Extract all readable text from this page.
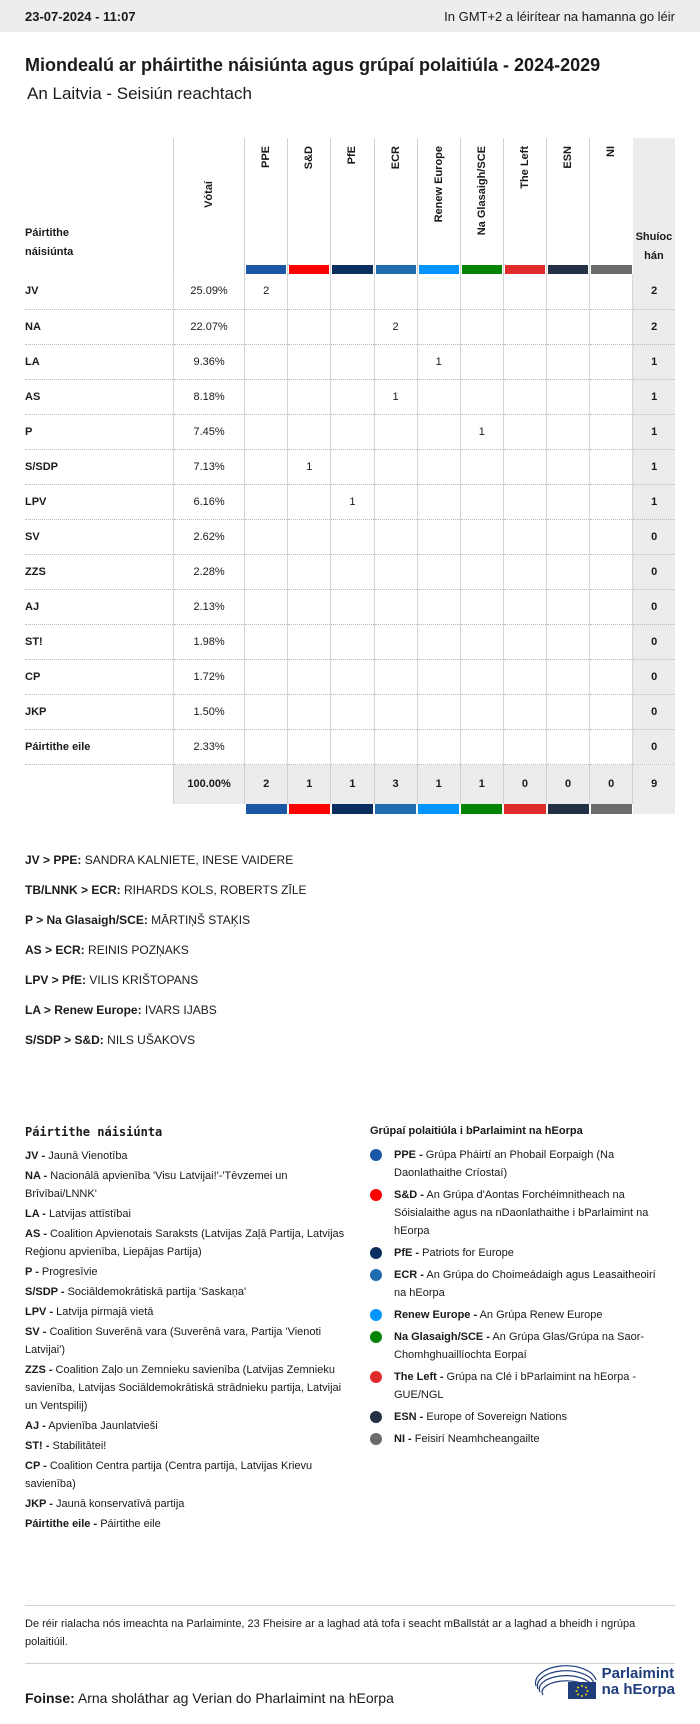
23-07-2024 - 11:07	In GMT+2 a léirítear na hamanna go léir
Miondealú ar pháirtithe náisiúnta agus grúpaí polaitiúla - 2024-2029
An Laitvia - Seisiún reachtach
Páirtithe
náisiúnta	Vótaí	PPE	S&D	PfE	ECR	Renew Europe	Na Glasaigh/SCE	The Left	ESN	NI	Shuíoc
hán
JV	25.09%	2									2
NA	22.07%				2						2
LA	9.36%					1					1
AS	8.18%				1						1
P	7.45%						1				1
S/SDP	7.13%		1								1
LPV	6.16%			1							1
SV	2.62%										0
ZZS	2.28%										0
AJ	2.13%										0
ST!	1.98%										0
CP	1.72%										0
JKP	1.50%										0
Páirtithe eile	2.33%										0
	100.00%	2	1	1	3	1	1	0	0	0	9

JV > PPE: SANDRA KALNIETE, INESE VAIDERE
TB/LNNK > ECR: RIHARDS KOLS, ROBERTS ZĪLE
P > Na Glasaigh/SCE: MĀRTIŅŠ STAĶIS
AS > ECR: REINIS POZŅAKS
LPV > PfE: VILIS KRIŠTOPANS
LA > Renew Europe: IVARS IJABS
S/SDP > S&D: NILS UŠAKOVS
Páirtithe náisiúnta
JV - Jaunā Vienotība
NA - Nacionālā apvienība 'Visu Latvijai!'-'Tēvzemei un Brīvībai/LNNK'
LA - Latvijas attīstībai
AS - Coalition Apvienotais Saraksts (Latvijas Zaļā Partija, Latvijas Reģionu apvienība, Liepājas Partija)
P - Progresīvie
S/SDP - Sociāldemokrātiskā partija 'Saskaņa'
LPV - Latvija pirmajā vietā
SV - Coalition Suverēnā vara (Suverēnā vara, Partija 'Vienoti Latvijai')
ZZS - Coalition Zaļo un Zemnieku savienība (Latvijas Zemnieku savienība, Latvijas Sociāldemokrātiskā strādnieku partija, Latvijai un Ventspilij)
AJ - Apvienība Jaunlatvieši
ST! - Stabilitātei!
CP - Coalition Centra partija (Centra partija, Latvijas Krievu savienība)
JKP - Jaunā konservatīvā partija
Páirtithe eile - Páirtithe eile
Grúpaí polaitiúla i bParlaimint na hEorpa
PPE - Grúpa Pháirtí an Phobail Eorpaigh (Na Daonlathaithe Críostaí)
S&D - An Grúpa d'Aontas Forchéimnitheach na Sóisialaithe agus na nDaonlathaithe i bParlaimint na hEorpa
PfE - Patriots for Europe
ECR - An Grúpa do Choimeádaigh agus Leasaitheoirí na hEorpa
Renew Europe - An Grúpa Renew Europe
Na Glasaigh/SCE - An Grúpa Glas/Grúpa na Saor-Chomhghuaillíochta Eorpaí
The Left - Grúpa na Clé i bParlaimint na hEorpa - GUE/NGL
ESN - Europe of Sovereign Nations
NI - Feisirí Neamhcheangailte
De réir rialacha nós imeachta na Parlaiminte, 23 Fheisire ar a laghad atá tofa i seacht mBallstát ar a laghad a bheidh i ngrúpa polaitiúil.
Foinse: Arna sholáthar ag Verian do Pharlaimint na hEorpa
Parlaimint
na hEorpa
